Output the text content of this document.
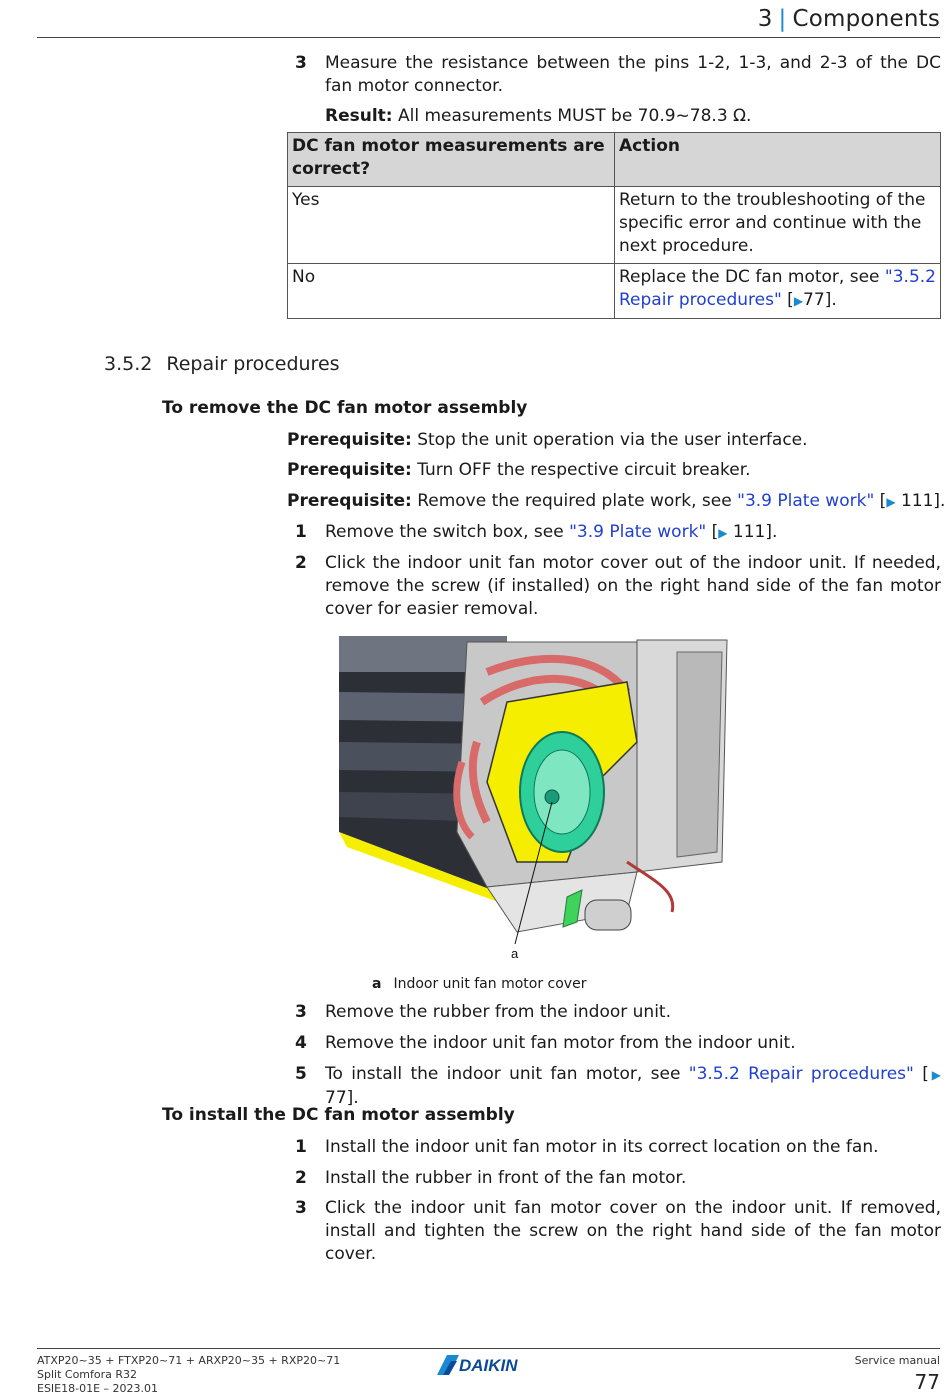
3 | Components
3 Measure the resistance between the pins 1-2, 1-3, and 2-3 of the DC fan motor connector.
Result: All measurements MUST be 70.9~78.3 Ω.
DC fan motor measurements are correct?	Action
Yes	Return to the troubleshooting of the specific error and continue with the next procedure.
No	Replace the DC fan motor, see "3.5.2 Repair procedures" [▶77].
3.5.2 Repair procedures
To remove the DC fan motor assembly
Prerequisite: Stop the unit operation via the user interface.
Prerequisite: Turn OFF the respective circuit breaker.
Prerequisite: Remove the required plate work, see "3.9 Plate work" [▶ 111].
1 Remove the switch box, see "3.9 Plate work" [▶ 111].
2 Click the indoor unit fan motor cover out of the indoor unit. If needed, remove the screw (if installed) on the right hand side of the fan motor cover for easier removal.
a
a Indoor unit fan motor cover
3 Remove the rubber from the indoor unit.
4 Remove the indoor unit fan motor from the indoor unit.
5 To install the indoor unit fan motor, see "3.5.2 Repair procedures" [▶ 77].
To install the DC fan motor assembly
1 Install the indoor unit fan motor in its correct location on the fan.
2 Install the rubber in front of the fan motor.
3 Click the indoor unit fan motor cover on the indoor unit. If removed, install and tighten the screw on the right hand side of the fan motor cover.
ATXP20~35 + FTXP20~71 + ARXP20~35 + RXP20~71
Split Comfora R32
ESIE18-01E – 2023.01
DAIKIN	Service manual
77
